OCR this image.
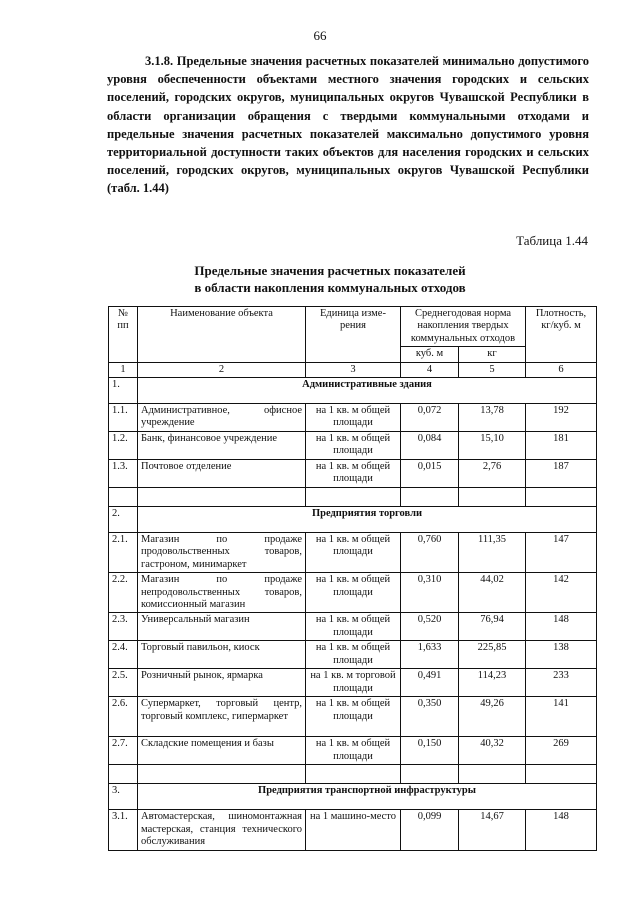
66
3.1.8. Предельные значения расчетных показателей минимально допустимого уровня обеспеченности объектами местного значения городских и сельских поселений, городских округов, муниципальных округов Чувашской Республики в области организации обращения с твердыми коммунальными отходами и предельные значения расчетных показателей максимально допустимого уровня территориальной доступности таких объектов для населения городских и сельских поселений, городских округов, муниципальных округов Чувашской Республики (табл. 1.44)
Таблица 1.44
Предельные значения расчетных показателей
в области накопления коммунальных отходов
№ пп	Наименование объекта	Единица изме-рения	Среднегодовая норма накопления твердых коммунальных отходов		Плотность, кг/куб. м
			куб. м	кг	
1	2	3	4	5	6
1.	Административные здания				
1.1.	Административное, офисное учреждение	на 1 кв. м общей площади	0,072	13,78	192
1.2.	Банк, финансовое учреждение	на 1 кв. м общей площади	0,084	15,10	181
1.3.	Почтовое отделение	на 1 кв. м общей площади	0,015	2,76	187

2.	Предприятия торговли				
2.1.	Магазин по продаже продовольственных товаров, гастроном, минимаркет	на 1 кв. м общей площади	0,760	111,35	147
2.2.	Магазин по продаже непродовольственных товаров, комиссионный магазин	на 1 кв. м общей площади	0,310	44,02	142
2.3.	Универсальный магазин	на 1 кв. м общей площади	0,520	76,94	148
2.4.	Торговый павильон, киоск	на 1 кв. м общей площади	1,633	225,85	138
2.5.	Розничный рынок, ярмарка	на 1 кв. м торговой площади	0,491	114,23	233
2.6.	Супермаркет, торговый центр, торговый комплекс, гипермаркет	на 1 кв. м общей площади	0,350	49,26	141
2.7.	Складские помещения и базы	на 1 кв. м общей площади	0,150	40,32	269

3.	Предприятия транспортной инфраструктуры				
3.1.	Автомастерская, шиномонтажная мастерская, станция технического обслуживания	на 1 машино-место	0,099	14,67	148
